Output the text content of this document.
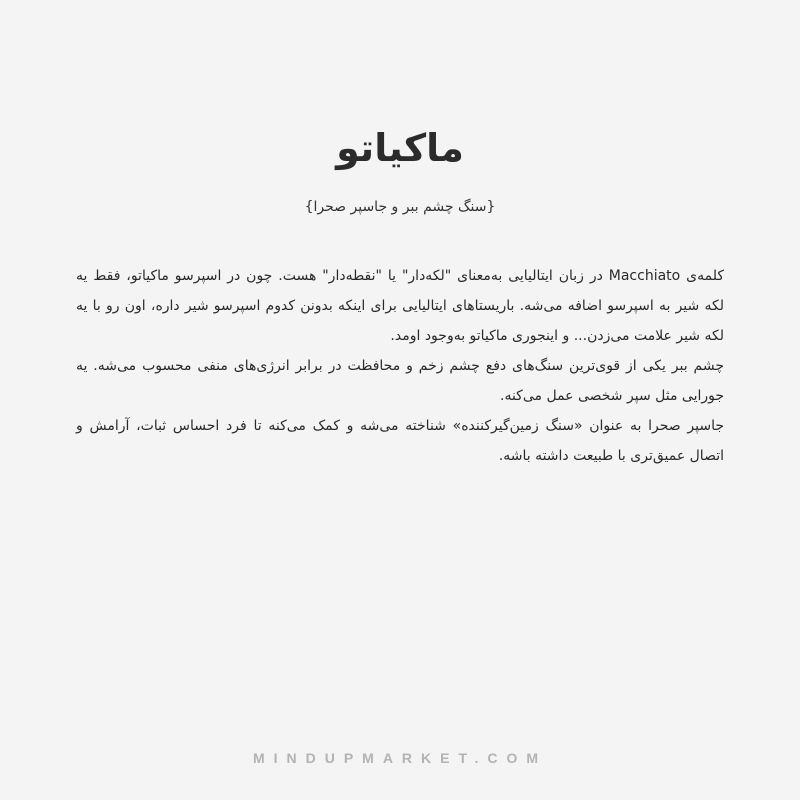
ماکیاتو
{سنگ چشم ببر و جاسپر صحرا}

کلمه‌ی Macchiato در زبان ایتالیایی به‌معنای "لکه‌دار" یا "نقطه‌دار" هست. چون در اسپرسو ماکیاتو، فقط یه لکه شیر به اسپرسو اضافه می‌شه. باریستاهای ایتالیایی برای اینکه بدونن کدوم اسپرسو شیر داره، اون رو با یه لکه شیر علامت می‌زدن... و اینجوری ماکیاتو به‌وجود اومد.

چشم ببر یکی از قوی‌ترین سنگ‌های دفع چشم زخم و محافظت در برابر انرژی‌های منفی محسوب می‌شه. یه جورایی مثل سپر شخصی عمل می‌کنه.

جاسپر صحرا به عنوان «سنگ زمین‌گیرکننده» شناخته می‌شه و کمک می‌کنه تا فرد احساس ثبات، آرامش و اتصال عمیق‌تری با طبیعت داشته باشه.

MINDUPMARKET.COM
